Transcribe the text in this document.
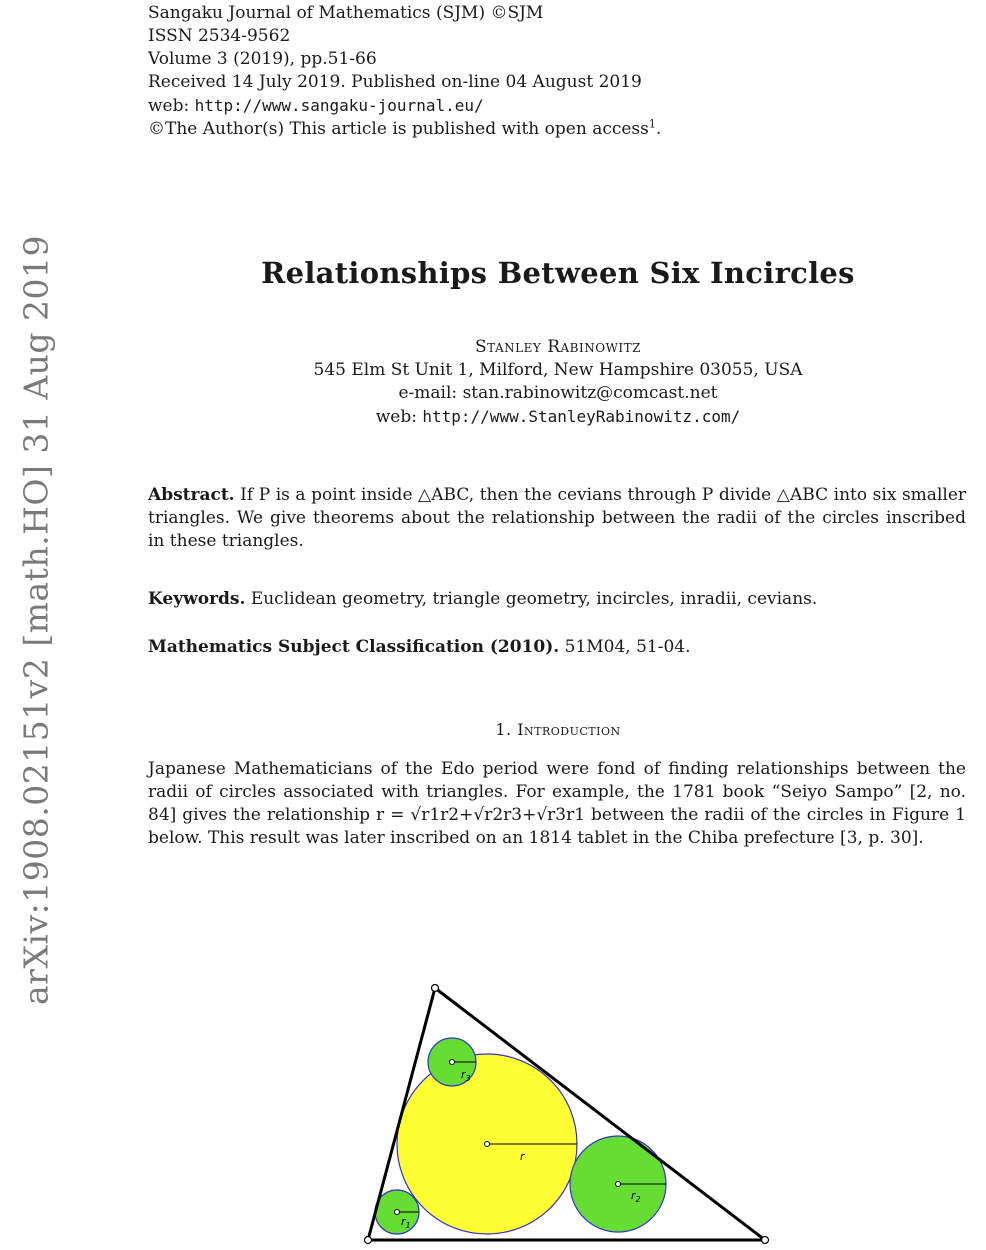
arXiv:1908.02151v2 [math.HO] 31 Aug 2019
Sangaku Journal of Mathematics (SJM) ©SJM
ISSN 2534-9562
Volume 3 (2019), pp.51-66
Received 14 July 2019. Published on-line 04 August 2019
web: http://www.sangaku-journal.eu/
©The Author(s) This article is published with open access$^1$.
Relationships Between Six Incircles
Stanley Rabinowitz
545 Elm St Unit 1, Milford, New Hampshire 03055, USA
e-mail: stan.rabinowitz@comcast.net
web: http://www.StanleyRabinowitz.com/
Abstract. If P is a point inside △ABC, then the cevians through P divide △ABC into six smaller triangles. We give theorems about the relationship between the radii of the circles inscribed in these triangles.
Keywords. Euclidean geometry, triangle geometry, incircles, inradii, cevians.
Mathematics Subject Classification (2010). 51M04, 51-04.
1. Introduction
Japanese Mathematicians of the Edo period were fond of finding relationships between the radii of circles associated with triangles. For example, the 1781 book “Seiyo Sampo” [2, no. 84] gives the relationship r = √r1r2+√r2r3+√r3r1 between the radii of the circles in Figure 1 below. This result was later inscribed on an 1814 tablet in the Chiba prefecture [3, p. 30].
r
$r_3$
$r_2$
$r_1$
